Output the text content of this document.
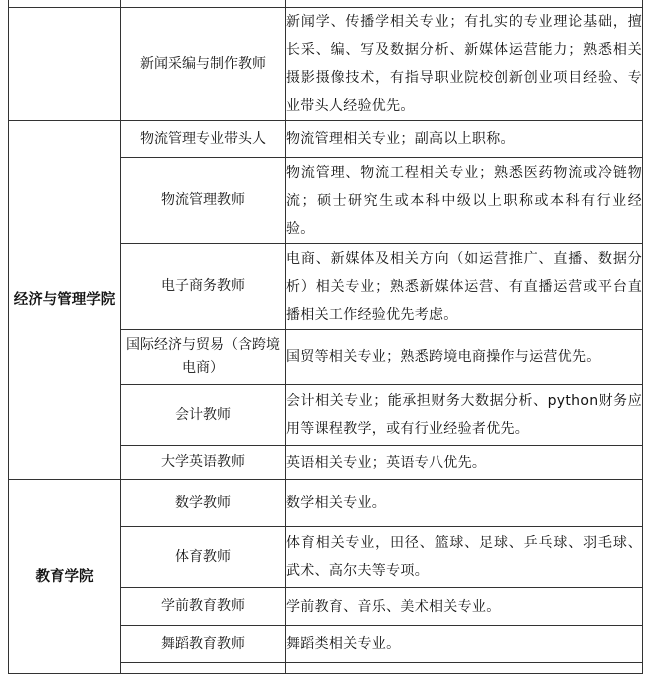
	新闻采编与制作教师	新闻学、传播学相关专业；有扎实的专业理论基础，擅长采、编、写及数据分析、新媒体运营能力；熟悉相关摄影摄像技术，有指导职业院校创新创业项目经验、专业带头人经验优先。
经济与管理学院	物流管理专业带头人	物流管理相关专业；副高以上职称。
	物流管理教师	物流管理、物流工程相关专业；熟悉医药物流或冷链物流；硕士研究生或本科中级以上职称或本科有行业经验。
	电子商务教师	电商、新媒体及相关方向（如运营推广、直播、数据分析）相关专业；熟悉新媒体运营、有直播运营或平台直播相关工作经验优先考虑。
	国际经济与贸易（含跨境电商）	国贸等相关专业；熟悉跨境电商操作与运营优先。
	会计教师	会计相关专业；能承担财务大数据分析、python财务应用等课程教学，或有行业经验者优先。
	大学英语教师	英语相关专业；英语专八优先。
教育学院	数学教师	数学相关专业。
	体育教师	体育相关专业，田径、篮球、足球、乒乓球、羽毛球、武术、高尔夫等专项。
	学前教育教师	学前教育、音乐、美术相关专业。
	舞蹈教育教师	舞蹈类相关专业。
